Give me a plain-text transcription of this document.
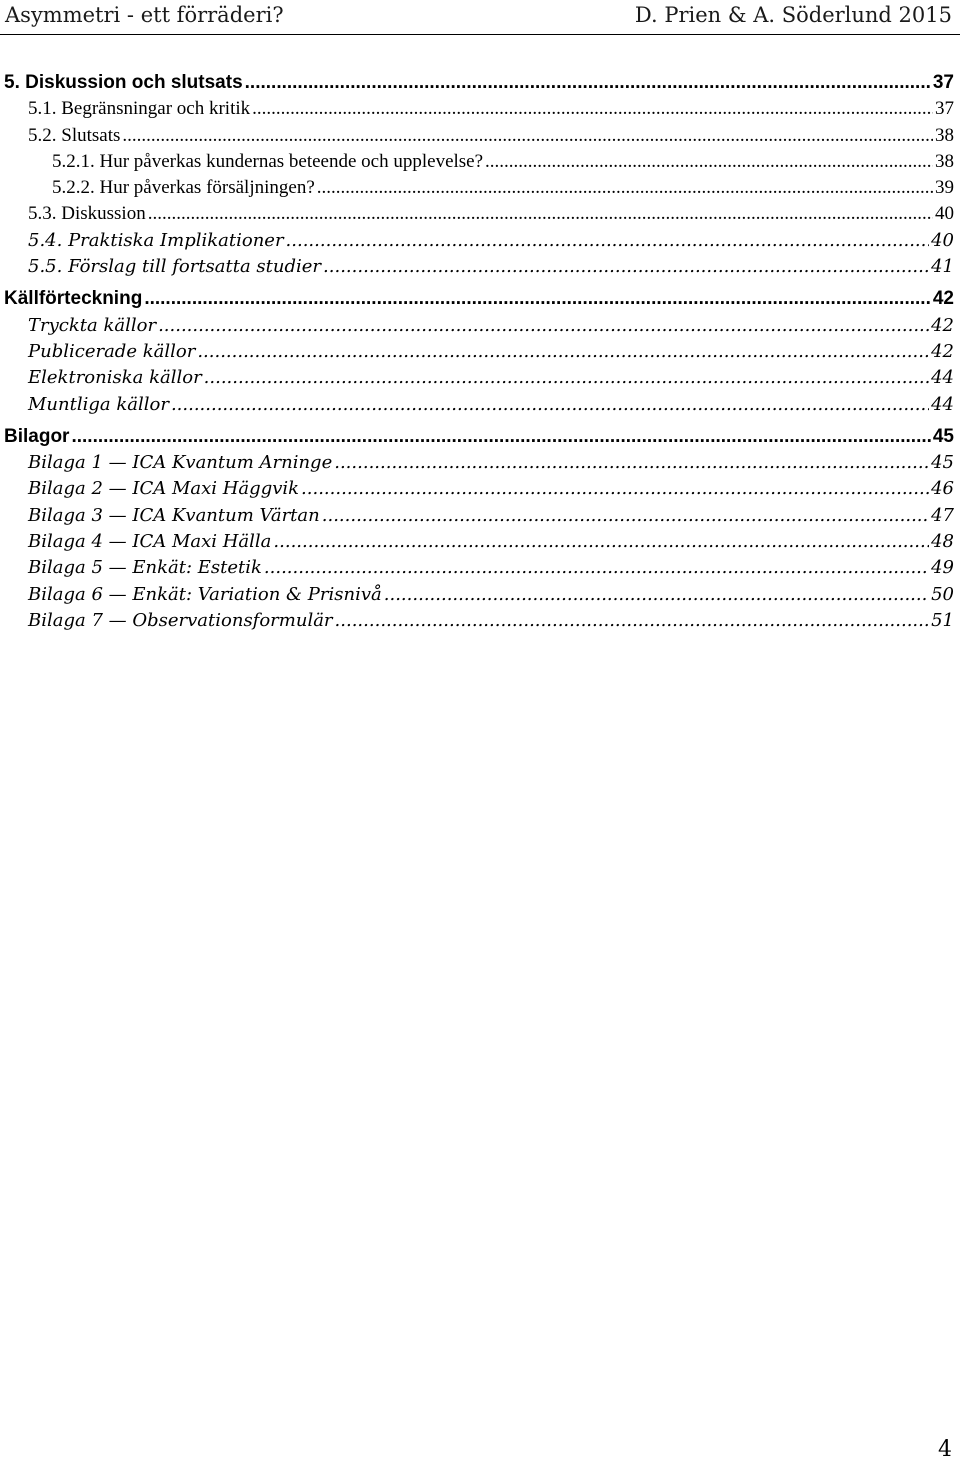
Asymmetri - ett förräderi?	D. Prien & A. Söderlund 2015
5. Diskussion och slutsats .....	37
5.1. Begränsningar och kritik .....	37
5.2. Slutsats .....	38
5.2.1. Hur påverkas kundernas beteende och upplevelse? .....	38
5.2.2. Hur påverkas försäljningen? .....	39
5.3. Diskussion .....	40
5.4. Praktiska Implikationer .....	40
5.5. Förslag till fortsatta studier .....	41
Källförteckning .....	42
Tryckta källor .....	42
Publicerade källor .....	42
Elektroniska källor .....	44
Muntliga källor .....	44
Bilagor .....	45
Bilaga 1 — ICA Kvantum Arninge .....	45
Bilaga 2 — ICA Maxi Häggvik .....	46
Bilaga 3 — ICA Kvantum Värtan .....	47
Bilaga 4 — ICA Maxi Hälla .....	48
Bilaga 5 — Enkät: Estetik .....	49
Bilaga 6 — Enkät: Variation & Prisnivå .....	50
Bilaga 7 — Observationsformulär .....	51
4
